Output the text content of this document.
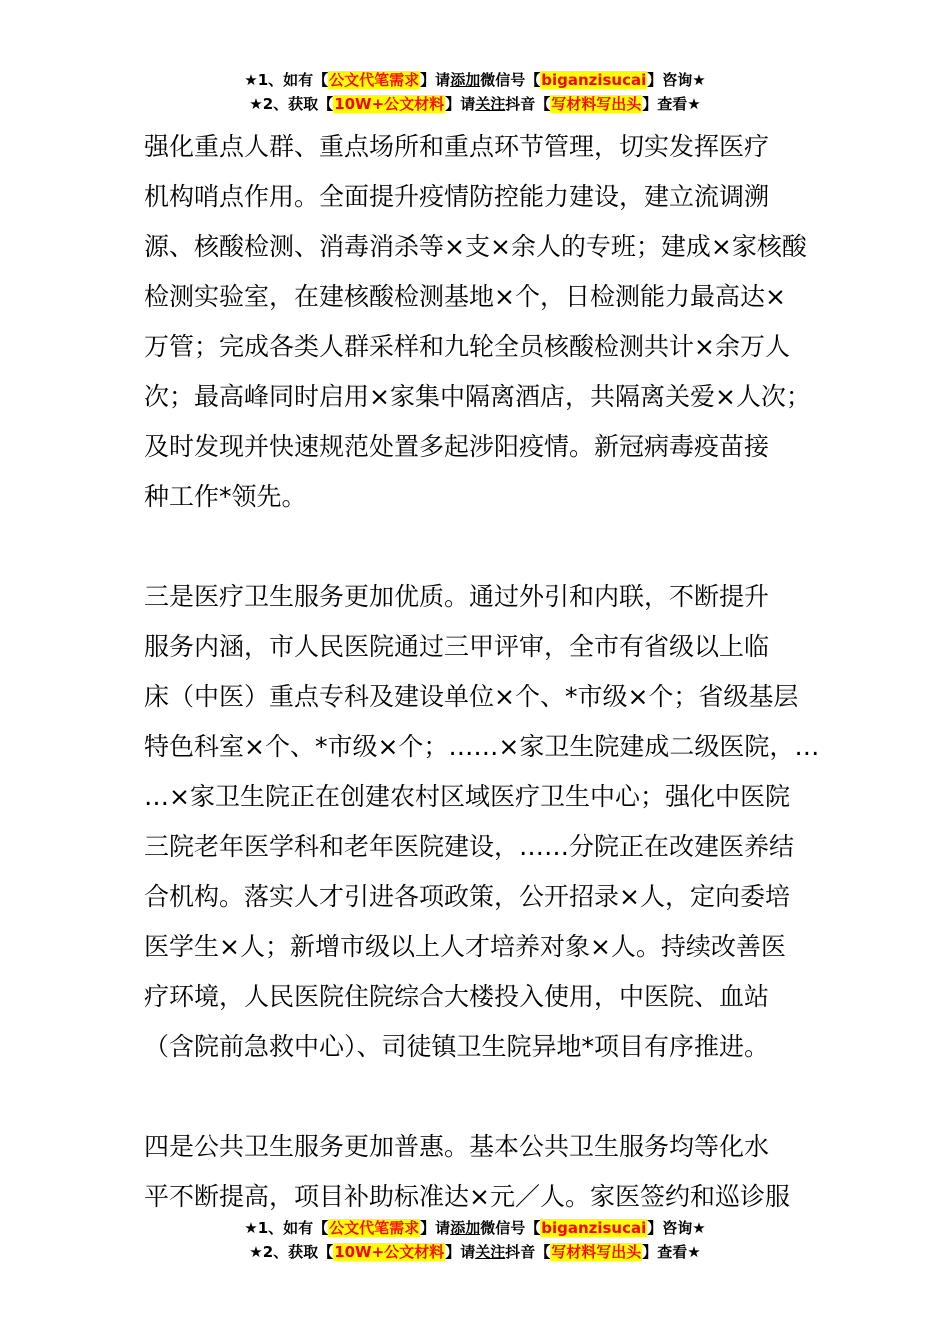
★1、如有【公文代笔需求】请添加微信号【biganzisucai】咨询★
★2、获取【10W+公文材料】请关注抖音【写材料写出头】查看★
强化重点人群、重点场所和重点环节管理，切实发挥医疗
机构哨点作用。全面提升疫情防控能力建设，建立流调溯
源、核酸检测、消毒消杀等×支×余人的专班；建成×家核酸
检测实验室，在建核酸检测基地×个，日检测能力最高达×
万管；完成各类人群采样和九轮全员核酸检测共计×余万人
次；最高峰同时启用×家集中隔离酒店，共隔离关爱×人次；
及时发现并快速规范处置多起涉阳疫情。新冠病毒疫苗接
种工作*领先。
三是医疗卫生服务更加优质。通过外引和内联，不断提升
服务内涵，市人民医院通过三甲评审，全市有省级以上临
床（中医）重点专科及建设单位×个、*市级×个；省级基层
特色科室×个、*市级×个；……×家卫生院建成二级医院，…
…×家卫生院正在创建农村区域医疗卫生中心；强化中医院
三院老年医学科和老年医院建设，……分院正在改建医养结
合机构。落实人才引进各项政策，公开招录×人，定向委培
医学生×人；新增市级以上人才培养对象×人。持续改善医
疗环境，人民医院住院综合大楼投入使用，中医院、血站
（含院前急救中心）、司徒镇卫生院异地*项目有序推进。
四是公共卫生服务更加普惠。基本公共卫生服务均等化水
平不断提高，项目补助标准达×元／人。家医签约和巡诊服
★1、如有【公文代笔需求】请添加微信号【biganzisucai】咨询★
★2、获取【10W+公文材料】请关注抖音【写材料写出头】查看★
